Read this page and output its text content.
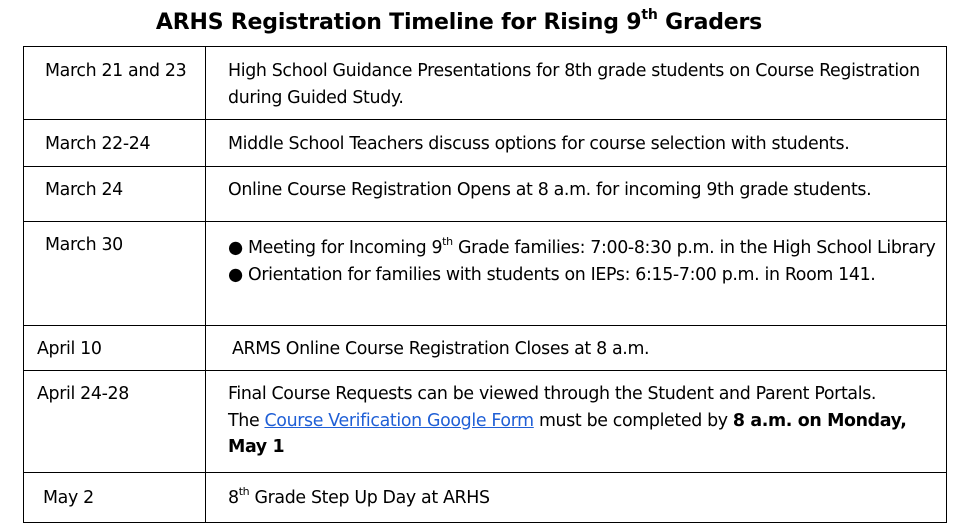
ARHS Registration Timeline for Rising 9th Graders
March 21 and 23	High School Guidance Presentations for 8th grade students on Course Registration during Guided Study.

March 22-24	Middle School Teachers discuss options for course selection with students.

March 24	Online Course Registration Opens at 8 a.m. for incoming 9th grade students.

March 30	● Meeting for Incoming 9th Grade families: 7:00-8:30 p.m. in the High School Library
● Orientation for families with students on IEPs: 6:15-7:00 p.m. in Room 141.

April 10	ARMS Online Course Registration Closes at 8 a.m.

April 24-28	Final Course Requests can be viewed through the Student and Parent Portals.
The Course Verification Google Form must be completed by 8 a.m. on Monday, May 1

May 2	8th Grade Step Up Day at ARHS
